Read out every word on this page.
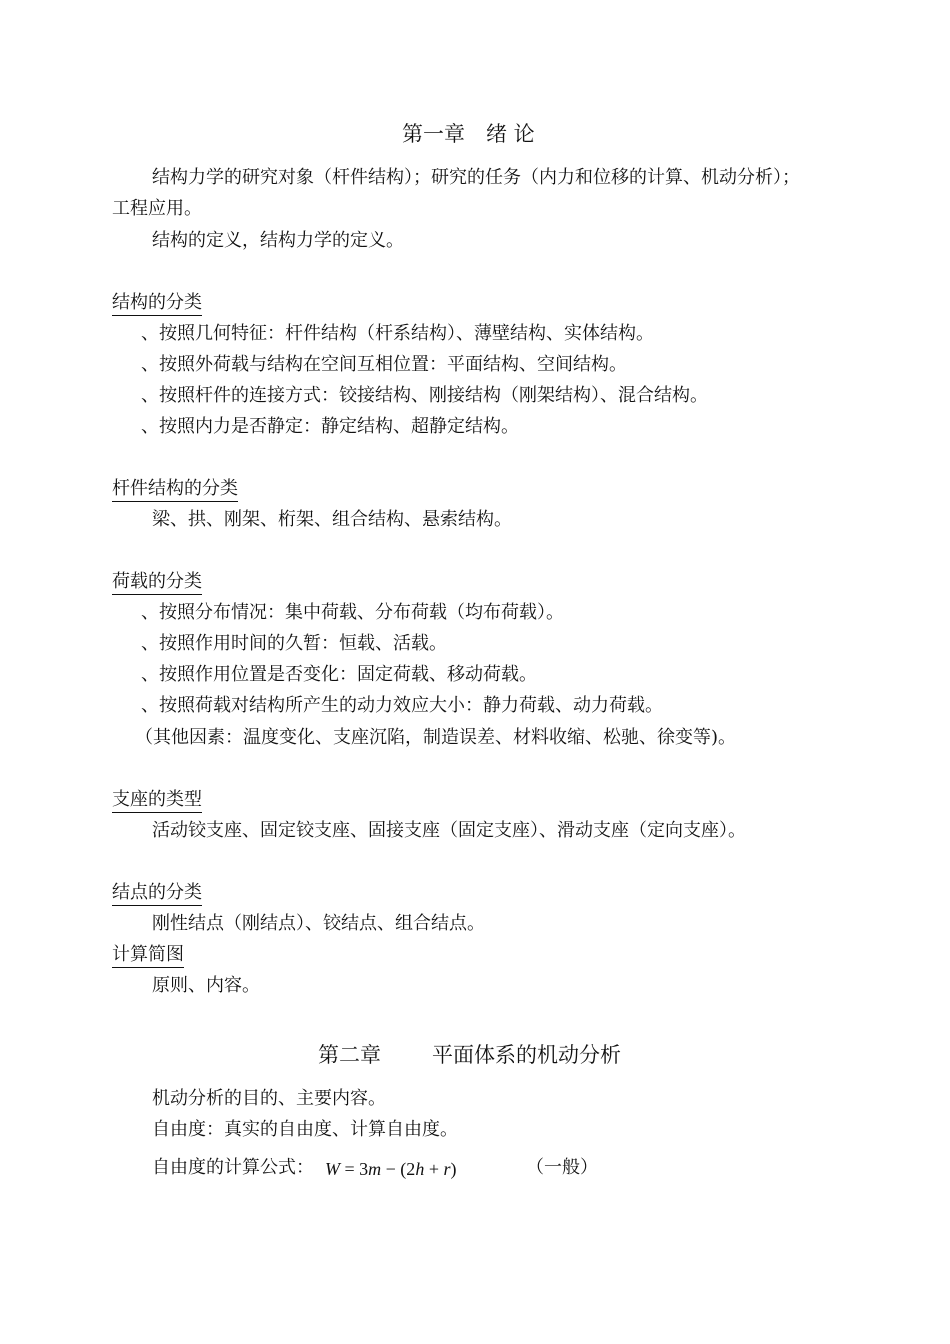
第一章　绪 论
结构力学的研究对象（杆件结构）；研究的任务（内力和位移的计算、机动分析）；
工程应用。
结构的定义，结构力学的定义。
结构的分类
、按照几何特征：杆件结构（杆系结构）、薄壁结构、实体结构。
、按照外荷载与结构在空间互相位置：平面结构、空间结构。
、按照杆件的连接方式：铰接结构、刚接结构（刚架结构）、混合结构。
、按照内力是否静定：静定结构、超静定结构。
杆件结构的分类
梁、拱、刚架、桁架、组合结构、悬索结构。
荷载的分类
、按照分布情况：集中荷载、分布荷载（均布荷载）。
、按照作用时间的久暂：恒载、活载。
、按照作用位置是否变化：固定荷载、移动荷载。
、按照荷载对结构所产生的动力效应大小：静力荷载、动力荷载。
（其他因素：温度变化、支座沉陷，制造误差、材料收缩、松驰、徐变等)。
支座的类型
活动铰支座、固定铰支座、固接支座（固定支座）、滑动支座（定向支座）。
结点的分类
刚性结点（刚结点）、铰结点、组合结点。
计算简图
原则、内容。
第二章 平面体系的机动分析
机动分析的目的、主要内容。
自由度：真实的自由度、计算自由度。
自由度的计算公式： W = 3m − (2h + r)	（一般）
